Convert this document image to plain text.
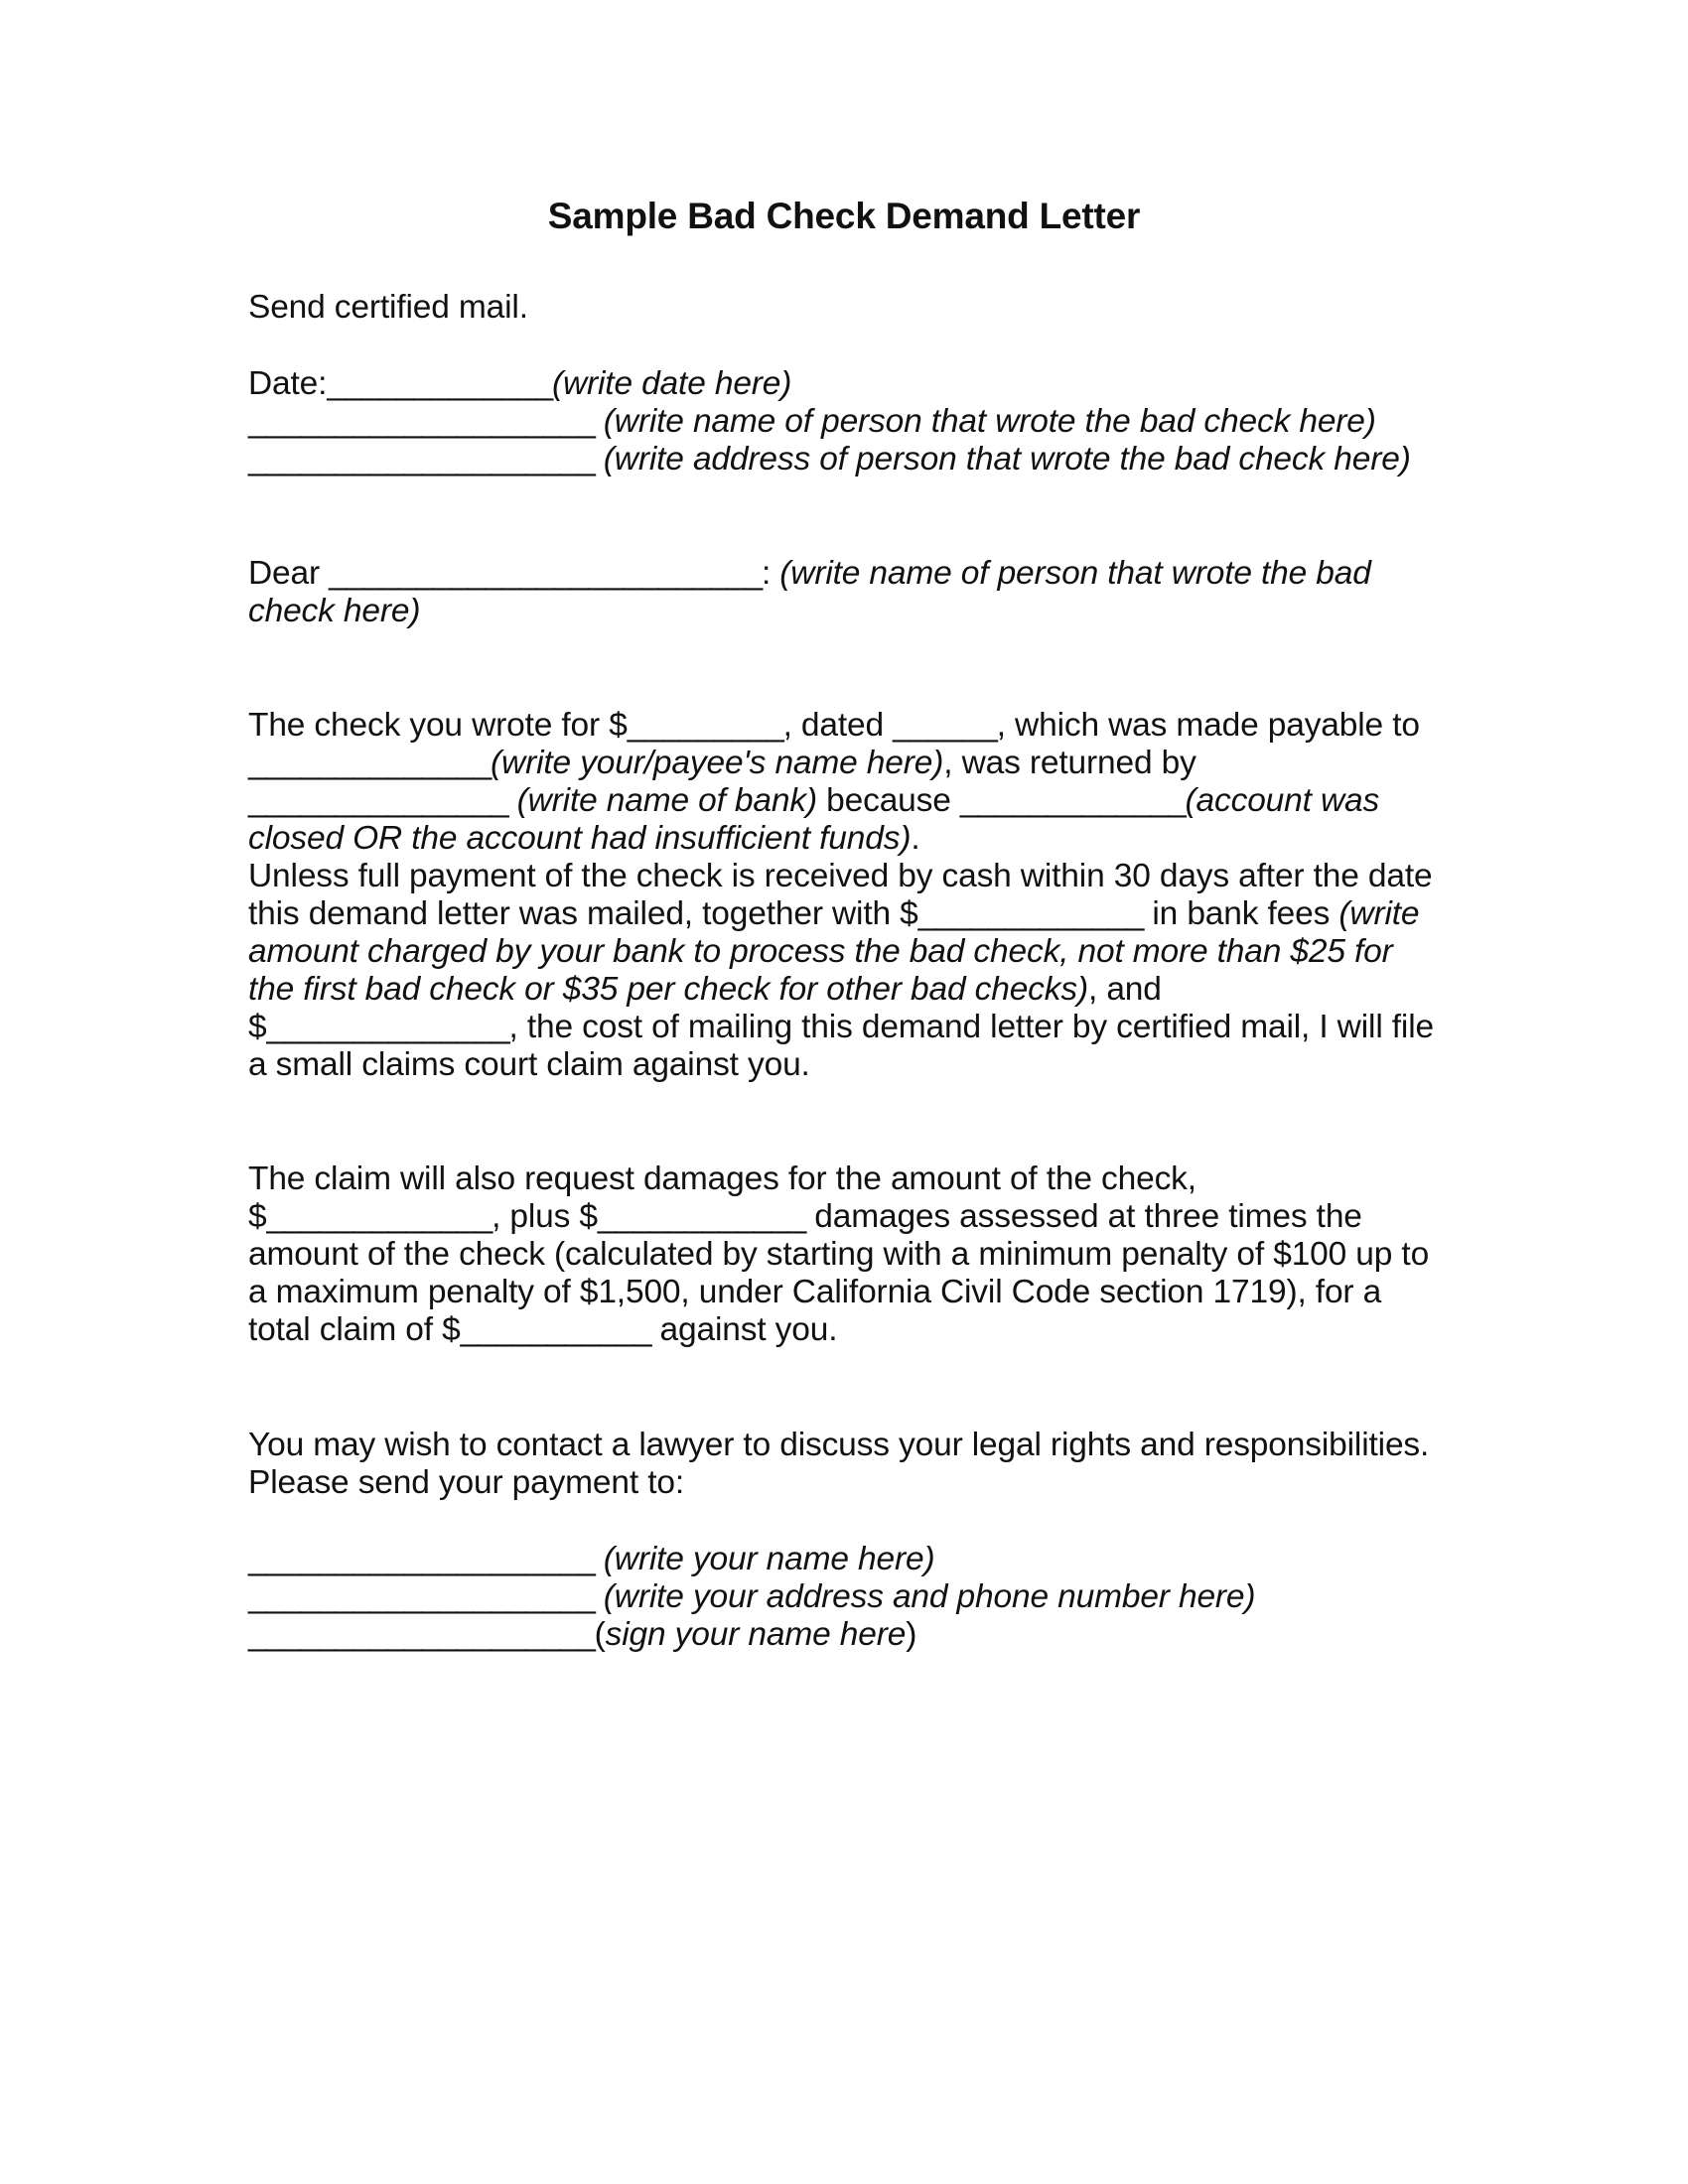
Sample Bad Check Demand Letter
Send certified mail.
Date:_____________(write date here)
____________________ (write name of person that wrote the bad check here)
____________________ (write address of person that wrote the bad check here)
Dear _________________________: (write name of person that wrote the bad
check here)
The check you wrote for $_________, dated ______, which was made payable to
______________(write your/payee's name here), was returned by
_______________ (write name of bank) because _____________(account was
closed OR the account had insufficient funds).
Unless full payment of the check is received by cash within 30 days after the date
this demand letter was mailed, together with $_____________ in bank fees (write
amount charged by your bank to process the bad check, not more than $25 for
the first bad check or $35 per check for other bad checks), and
$______________, the cost of mailing this demand letter by certified mail, I will file
a small claims court claim against you.
The claim will also request damages for the amount of the check,
$_____________, plus $____________ damages assessed at three times the
amount of the check (calculated by starting with a minimum penalty of $100 up to
a maximum penalty of $1,500, under California Civil Code section 1719), for a
total claim of $___________ against you.
You may wish to contact a lawyer to discuss your legal rights and responsibilities.
Please send your payment to:
____________________ (write your name here)
____________________ (write your address and phone number here)
____________________(sign your name here)
